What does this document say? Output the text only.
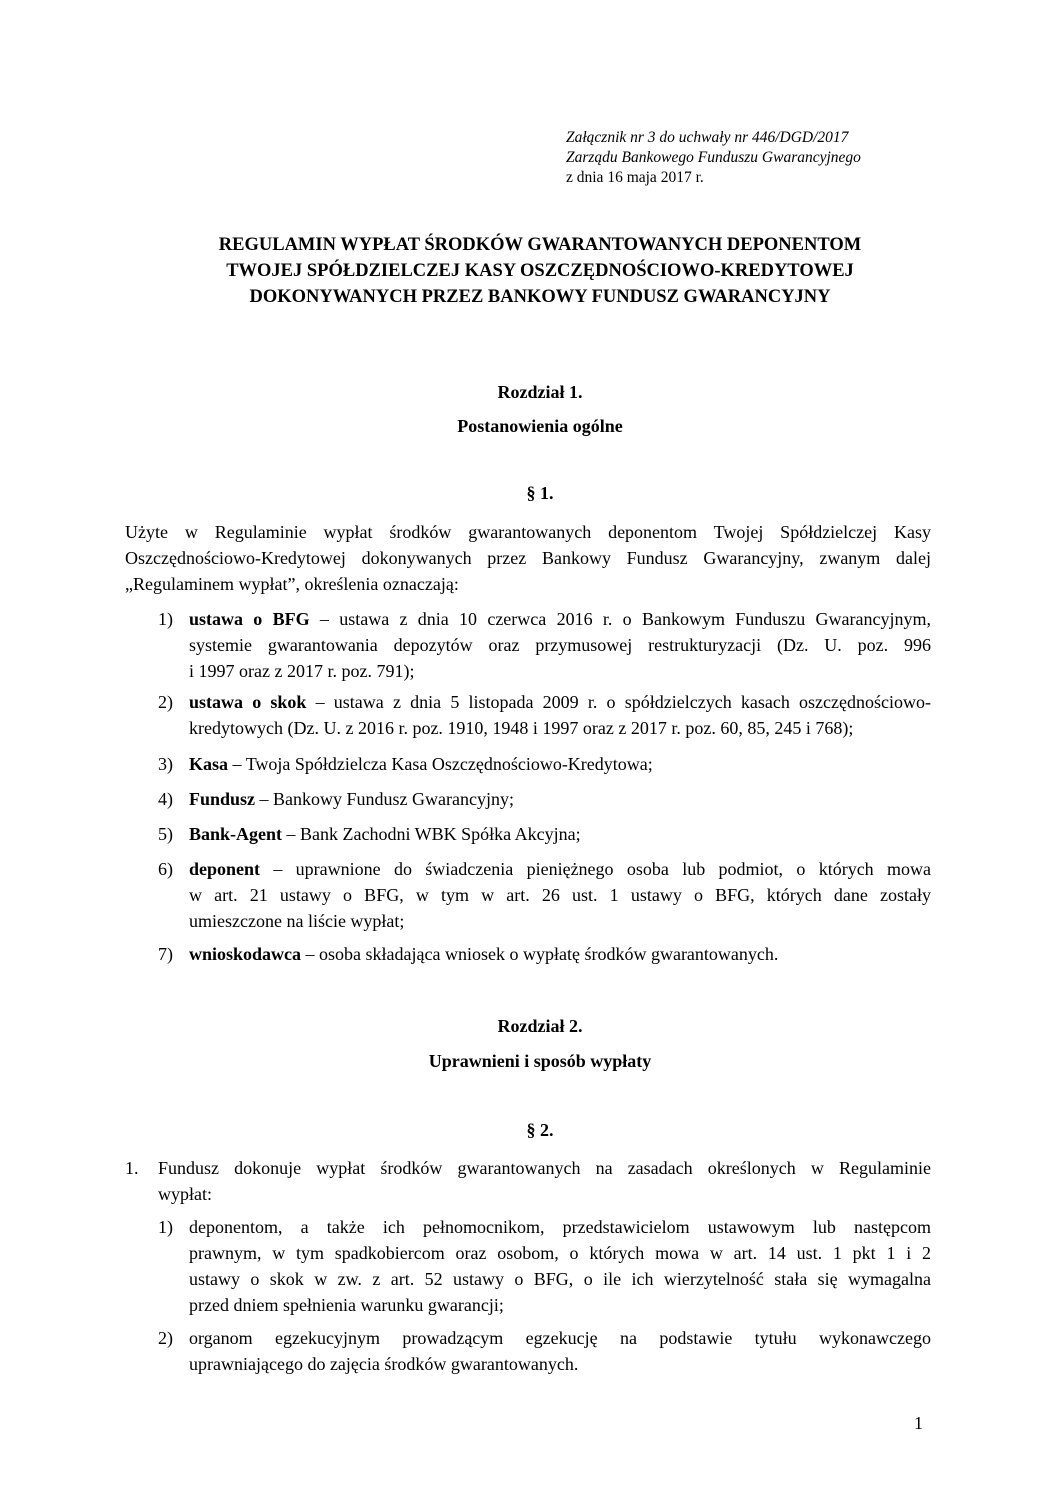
Załącznik nr 3 do uchwały nr 446/DGD/2017
Zarządu Bankowego Funduszu Gwarancyjnego
z dnia 16 maja 2017 r.
REGULAMIN WYPŁAT ŚRODKÓW GWARANTOWANYCH DEPONENTOM
TWOJEJ SPÓŁDZIELCZEJ KASY OSZCZĘDNOŚCIOWO-KREDYTOWEJ
DOKONYWANYCH PRZEZ BANKOWY FUNDUSZ GWARANCYJNY
Rozdział 1.
Postanowienia ogólne
§ 1.
Użyte w Regulaminie wypłat środków gwarantowanych deponentom Twojej Spółdzielczej Kasy
Oszczędnościowo-Kredytowej dokonywanych przez Bankowy Fundusz Gwarancyjny, zwanym dalej
„Regulaminem wypłat”, określenia oznaczają:
1) ustawa o BFG – ustawa z dnia 10 czerwca 2016 r. o Bankowym Funduszu Gwarancyjnym,
systemie gwarantowania depozytów oraz przymusowej restrukturyzacji (Dz. U. poz. 996
i 1997 oraz z 2017 r. poz. 791);
2) ustawa o skok – ustawa z dnia 5 listopada 2009 r. o spółdzielczych kasach oszczędnościowo-
kredytowych (Dz. U. z 2016 r. poz. 1910, 1948 i 1997 oraz z 2017 r. poz. 60, 85, 245 i 768);
3) Kasa – Twoja Spółdzielcza Kasa Oszczędnościowo-Kredytowa;
4) Fundusz – Bankowy Fundusz Gwarancyjny;
5) Bank-Agent – Bank Zachodni WBK Spółka Akcyjna;
6) deponent – uprawnione do świadczenia pieniężnego osoba lub podmiot, o których mowa
w art. 21 ustawy o BFG, w tym w art. 26 ust. 1 ustawy o BFG, których dane zostały
umieszczone na liście wypłat;
7) wnioskodawca – osoba składająca wniosek o wypłatę środków gwarantowanych.
Rozdział 2.
Uprawnieni i sposób wypłaty
§ 2.
1. Fundusz dokonuje wypłat środków gwarantowanych na zasadach określonych w Regulaminie
wypłat:
1) deponentom, a także ich pełnomocnikom, przedstawicielom ustawowym lub następcom
prawnym, w tym spadkobiercom oraz osobom, o których mowa w art. 14 ust. 1 pkt 1 i 2
ustawy o skok w zw. z art. 52 ustawy o BFG, o ile ich wierzytelność stała się wymagalna
przed dniem spełnienia warunku gwarancji;
2) organom egzekucyjnym prowadzącym egzekucję na podstawie tytułu wykonawczego
uprawniającego do zajęcia środków gwarantowanych.
1
